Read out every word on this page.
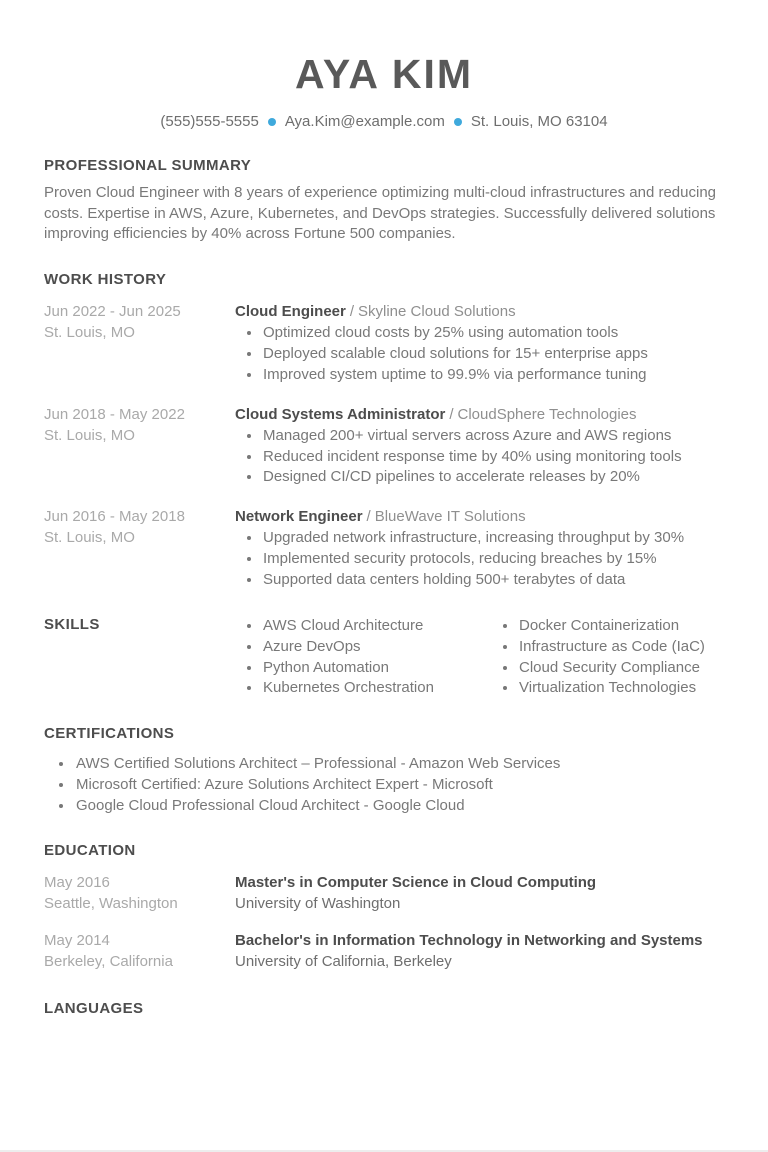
AYA KIM
(555)555-5555 Aya.Kim@example.com St. Louis, MO 63104
PROFESSIONAL SUMMARY
Proven Cloud Engineer with 8 years of experience optimizing multi-cloud infrastructures and reducing costs. Expertise in AWS, Azure, Kubernetes, and DevOps strategies. Successfully delivered solutions improving efficiencies by 40% across Fortune 500 companies.
WORK HISTORY
Jun 2022 - Jun 2025
St. Louis, MO
Cloud Engineer / Skyline Cloud Solutions
• Optimized cloud costs by 25% using automation tools
• Deployed scalable cloud solutions for 15+ enterprise apps
• Improved system uptime to 99.9% via performance tuning
Jun 2018 - May 2022
St. Louis, MO
Cloud Systems Administrator / CloudSphere Technologies
• Managed 200+ virtual servers across Azure and AWS regions
• Reduced incident response time by 40% using monitoring tools
• Designed CI/CD pipelines to accelerate releases by 20%
Jun 2016 - May 2018
St. Louis, MO
Network Engineer / BlueWave IT Solutions
• Upgraded network infrastructure, increasing throughput by 30%
• Implemented security protocols, reducing breaches by 15%
• Supported data centers holding 500+ terabytes of data
SKILLS	• AWS Cloud Architecture
• Azure DevOps
• Python Automation
• Kubernetes Orchestration
• Docker Containerization
• Infrastructure as Code (IaC)
• Cloud Security Compliance
• Virtualization Technologies
CERTIFICATIONS
• AWS Certified Solutions Architect – Professional - Amazon Web Services
• Microsoft Certified: Azure Solutions Architect Expert - Microsoft
• Google Cloud Professional Cloud Architect - Google Cloud
EDUCATION
May 2016
Seattle, Washington
Master's in Computer Science in Cloud Computing
University of Washington
May 2014
Berkeley, California
Bachelor's in Information Technology in Networking and Systems
University of California, Berkeley
LANGUAGES
